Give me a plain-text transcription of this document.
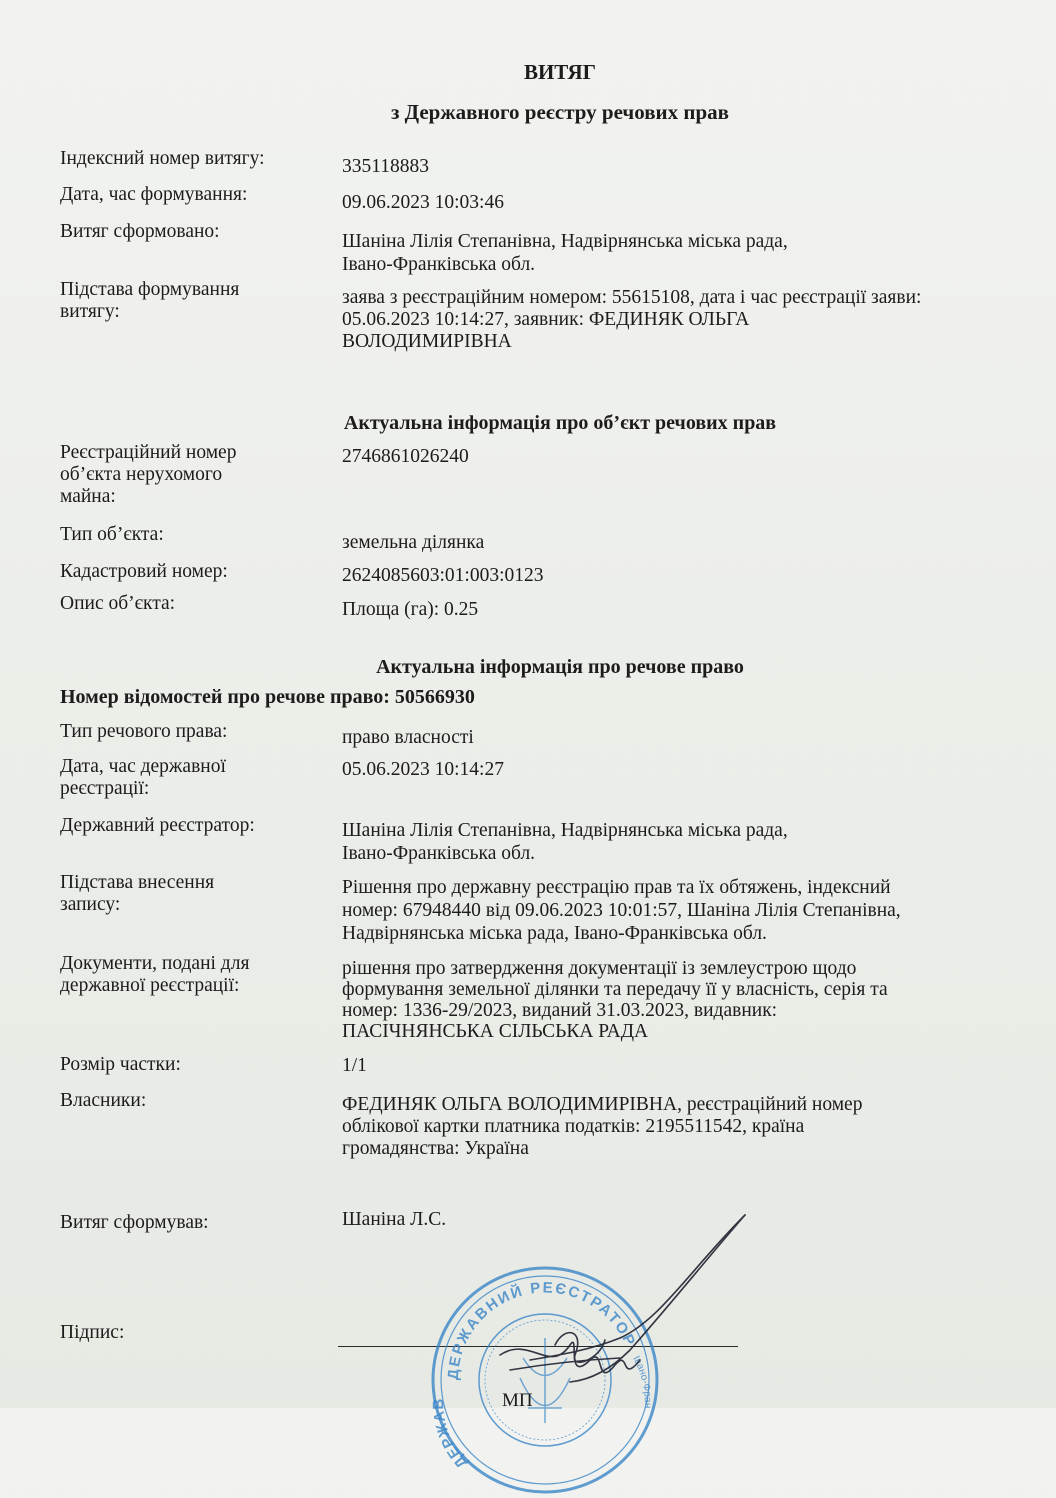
ВИТЯГ
з Державного реєстру речових прав
Індексний номер витягу:	335118883
Дата, час формування:	09.06.2023 10:03:46
Витяг сформовано:	Шаніна Лілія Степанівна, Надвірнянська міська рада,
Івано-Франківська обл.
Підстава формування
витягу:
заява з реєстраційним номером: 55615108, дата і час реєстрації заяви:
05.06.2023 10:14:27, заявник: ФЕДИНЯК ОЛЬГА
ВОЛОДИМИРІВНА
Актуальна інформація про об’єкт речових прав
Реєстраційний номер
об’єкта нерухомого
майна:
2746861026240
Тип об’єкта:	земельна ділянка
Кадастровий номер:	2624085603:01:003:0123
Опис об’єкта:	Площа (га): 0.25
Актуальна інформація про речове право
Номер відомостей про речове право: 50566930
Тип речового права:	право власності
Дата, час державної
реєстрації:
05.06.2023 10:14:27
Державний реєстратор:	Шаніна Лілія Степанівна, Надвірнянська міська рада,
Івано-Франківська обл.
Підстава внесення
запису:
Рішення про державну реєстрацію прав та їх обтяжень, індексний
номер: 67948440 від 09.06.2023 10:01:57, Шаніна Лілія Степанівна,
Надвірнянська міська рада, Івано-Франківська обл.
Документи, подані для
державної реєстрації:
рішення про затвердження документації із землеустрою щодо
формування земельної ділянки та передачу її у власність, серія та
номер: 1336-29/2023, виданий 31.03.2023, видавник:
ПАСІЧНЯНСЬКА СІЛЬСЬКА РАДА
Розмір частки:	1/1
Власники:	ФЕДИНЯК ОЛЬГА ВОЛОДИМИРІВНА, реєстраційний номер
облікової картки платника податків: 2195511542, країна
громадянства: Україна
Витяг сформував:	Шаніна Л.С.
Підпис:
ДЕРЖАВНИЙ РЕЄСТРАТОР
ДЕРЖАВ
Івано-Фран
МП
